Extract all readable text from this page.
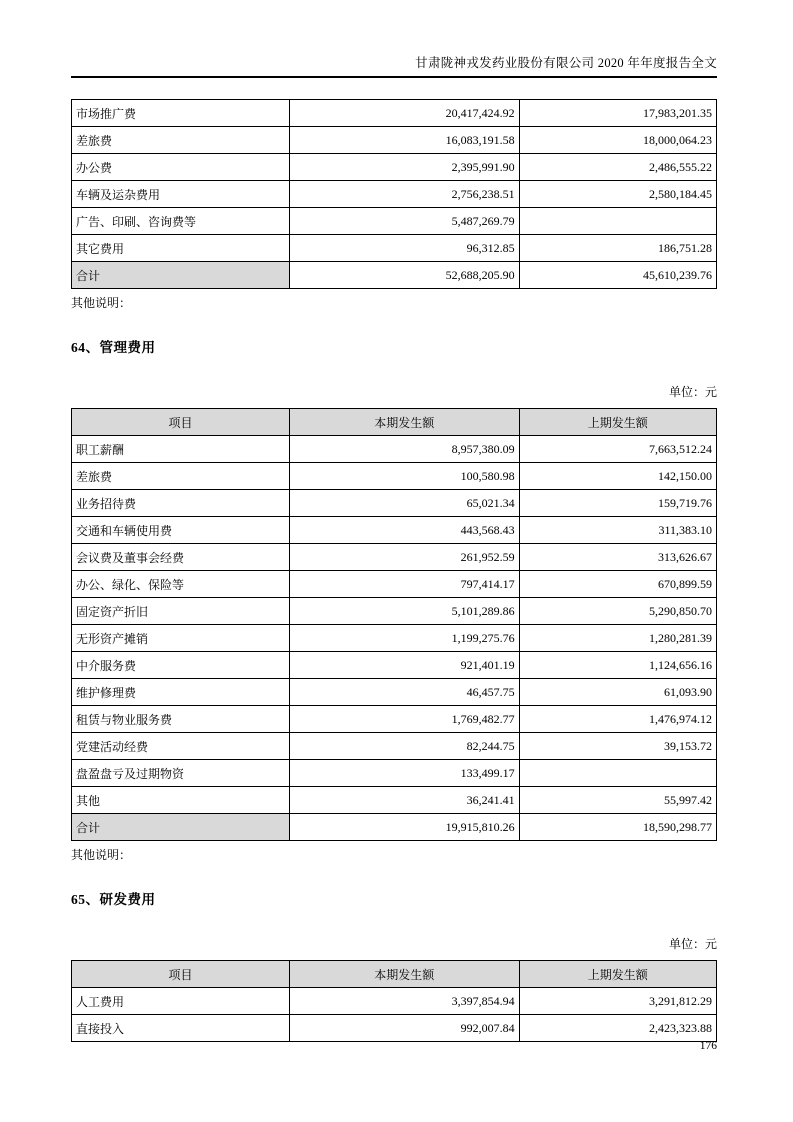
甘肃陇神戎发药业股份有限公司 2020 年年度报告全文
市场推广费	20,417,424.92	17,983,201.35
差旅费	16,083,191.58	18,000,064.23
办公费	2,395,991.90	2,486,555.22
车辆及运杂费用	2,756,238.51	2,580,184.45
广告、印刷、咨询费等	5,487,269.79	
其它费用	96,312.85	186,751.28
合计	52,688,205.90	45,610,239.76
其他说明：
64、管理费用
单位：元
项目	本期发生额	上期发生额
职工薪酬	8,957,380.09	7,663,512.24
差旅费	100,580.98	142,150.00
业务招待费	65,021.34	159,719.76
交通和车辆使用费	443,568.43	311,383.10
会议费及董事会经费	261,952.59	313,626.67
办公、绿化、保险等	797,414.17	670,899.59
固定资产折旧	5,101,289.86	5,290,850.70
无形资产摊销	1,199,275.76	1,280,281.39
中介服务费	921,401.19	1,124,656.16
维护修理费	46,457.75	61,093.90
租赁与物业服务费	1,769,482.77	1,476,974.12
党建活动经费	82,244.75	39,153.72
盘盈盘亏及过期物资	133,499.17	
其他	36,241.41	55,997.42
合计	19,915,810.26	18,590,298.77
其他说明：
65、研发费用
单位：元
项目	本期发生额	上期发生额
人工费用	3,397,854.94	3,291,812.29
直接投入	992,007.84	2,423,323.88
176
